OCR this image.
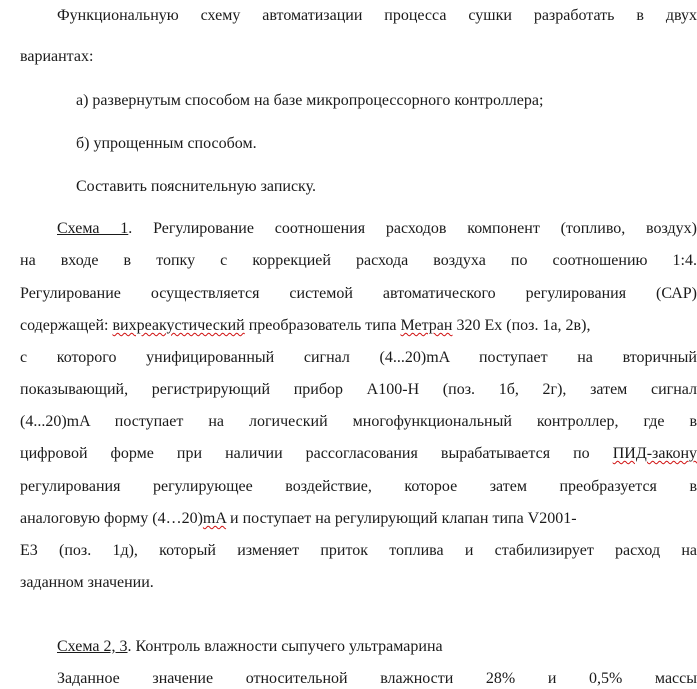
Функциональную схему автоматизации процесса сушки разработать в двух
вариантах:
а) развернутым способом на базе микропроцессорного контроллера;
б) упрощенным способом.
Составить пояснительную записку.
Схема 1. Регулирование соотношения расходов компонент (топливо, воздух)
на входе в топку с коррекцией расхода воздуха по соотношению 1:4.
Регулирование осуществляется системой автоматического регулирования (САР)
содержащей: вихреакустический преобразователь типа Метран 320 Ex (поз. 1а, 2в),
с которого унифицированный сигнал (4...20)mA поступает на вторичный
показывающий, регистрирующий прибор А100-Н (поз. 1б, 2г), затем сигнал
(4...20)mA поступает на логический многофункциональный контроллер, где в
цифровой форме при наличии рассогласования вырабатывается по ПИД-закону
регулирования регулирующее воздействие, которое затем преобразуется в
аналоговую форму (4…20)mA и поступает на регулирующий клапан типа V2001-
E3 (поз. 1д), который изменяет приток топлива и стабилизирует расход на
заданном значении.
Схема 2, 3. Контроль влажности сыпучего ультрамарина
Заданное значение относительной влажности 28% и 0,5% массы
